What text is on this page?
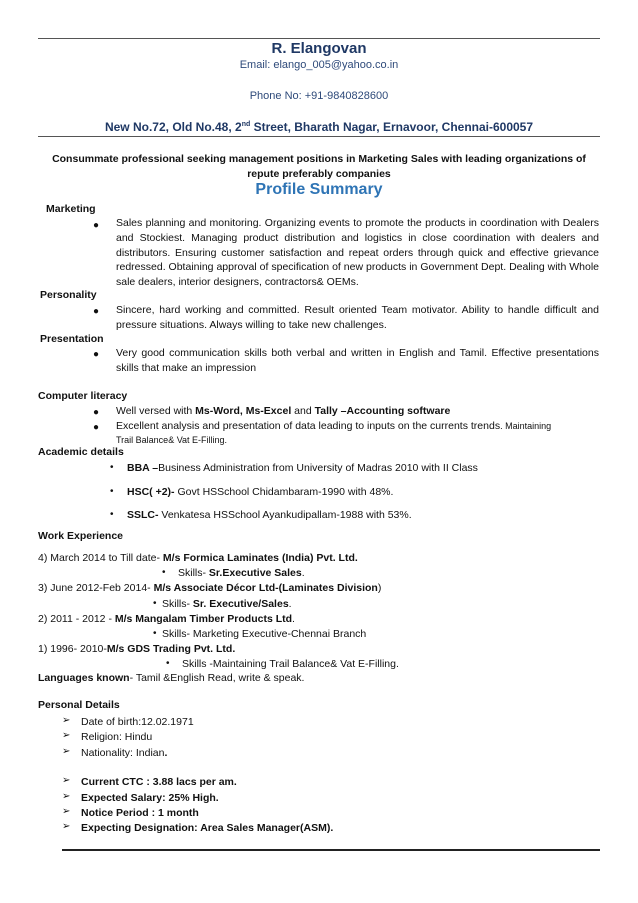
R. Elangovan
Email: elango_005@yahoo.co.in
Phone No: +91-9840828600
New No.72, Old No.48, 2nd Street, Bharath Nagar, Ernavoor, Chennai-600057
Consummate professional seeking management positions in Marketing Sales with leading organizations of repute preferably companies
Profile Summary
Marketing
● Sales planning and monitoring. Organizing events to promote the products in coordination with Dealers and Stockiest. Managing product distribution and logistics in close coordination with dealers and distributors. Ensuring customer satisfaction and repeat orders through quick and effective grievance redressed. Obtaining approval of specification of new products in Government Dept. Dealing with Whole sale dealers, interior designers, contractors& OEMs.
Personality
● Sincere, hard working and committed. Result oriented Team motivator. Ability to handle difficult and pressure situations. Always willing to take new challenges.
Presentation
● Very good communication skills both verbal and written in English and Tamil. Effective presentations skills that make an impression
Computer literacy
● Well versed with Ms-Word, Ms-Excel and Tally –Accounting software
● Excellent analysis and presentation of data leading to inputs on the currents trends. Maintaining
Trail Balance& Vat E-Filling.
Academic details
• BBA –Business Administration from University of Madras 2010 with II Class
• HSC( +2)- Govt HSSchool Chidambaram-1990 with 48%.
• SSLC- Venkatesa HSSchool Ayankudipallam-1988 with 53%.
Work Experience
4) March 2014 to Till date- M/s Formica Laminates (India) Pvt. Ltd.
• Skills- Sr.Executive Sales.
3) June 2012-Feb 2014- M/s Associate Décor Ltd-(Laminates Division)
• Skills- Sr. Executive/Sales.
2) 2011 - 2012 - M/s Mangalam Timber Products Ltd.
• Skills- Marketing Executive-Chennai Branch
1) 1996- 2010-M/s GDS Trading Pvt. Ltd.
• Skills -Maintaining Trail Balance& Vat E-Filling.
Languages known- Tamil &English Read, write & speak.
Personal Details
➢ Date of birth:12.02.1971
➢ Religion: Hindu
➢ Nationality: Indian.
➢ Current CTC : 3.88 lacs per am.
➢ Expected Salary: 25% High.
➢ Notice Period : 1 month
➢ Expecting Designation: Area Sales Manager(ASM).
